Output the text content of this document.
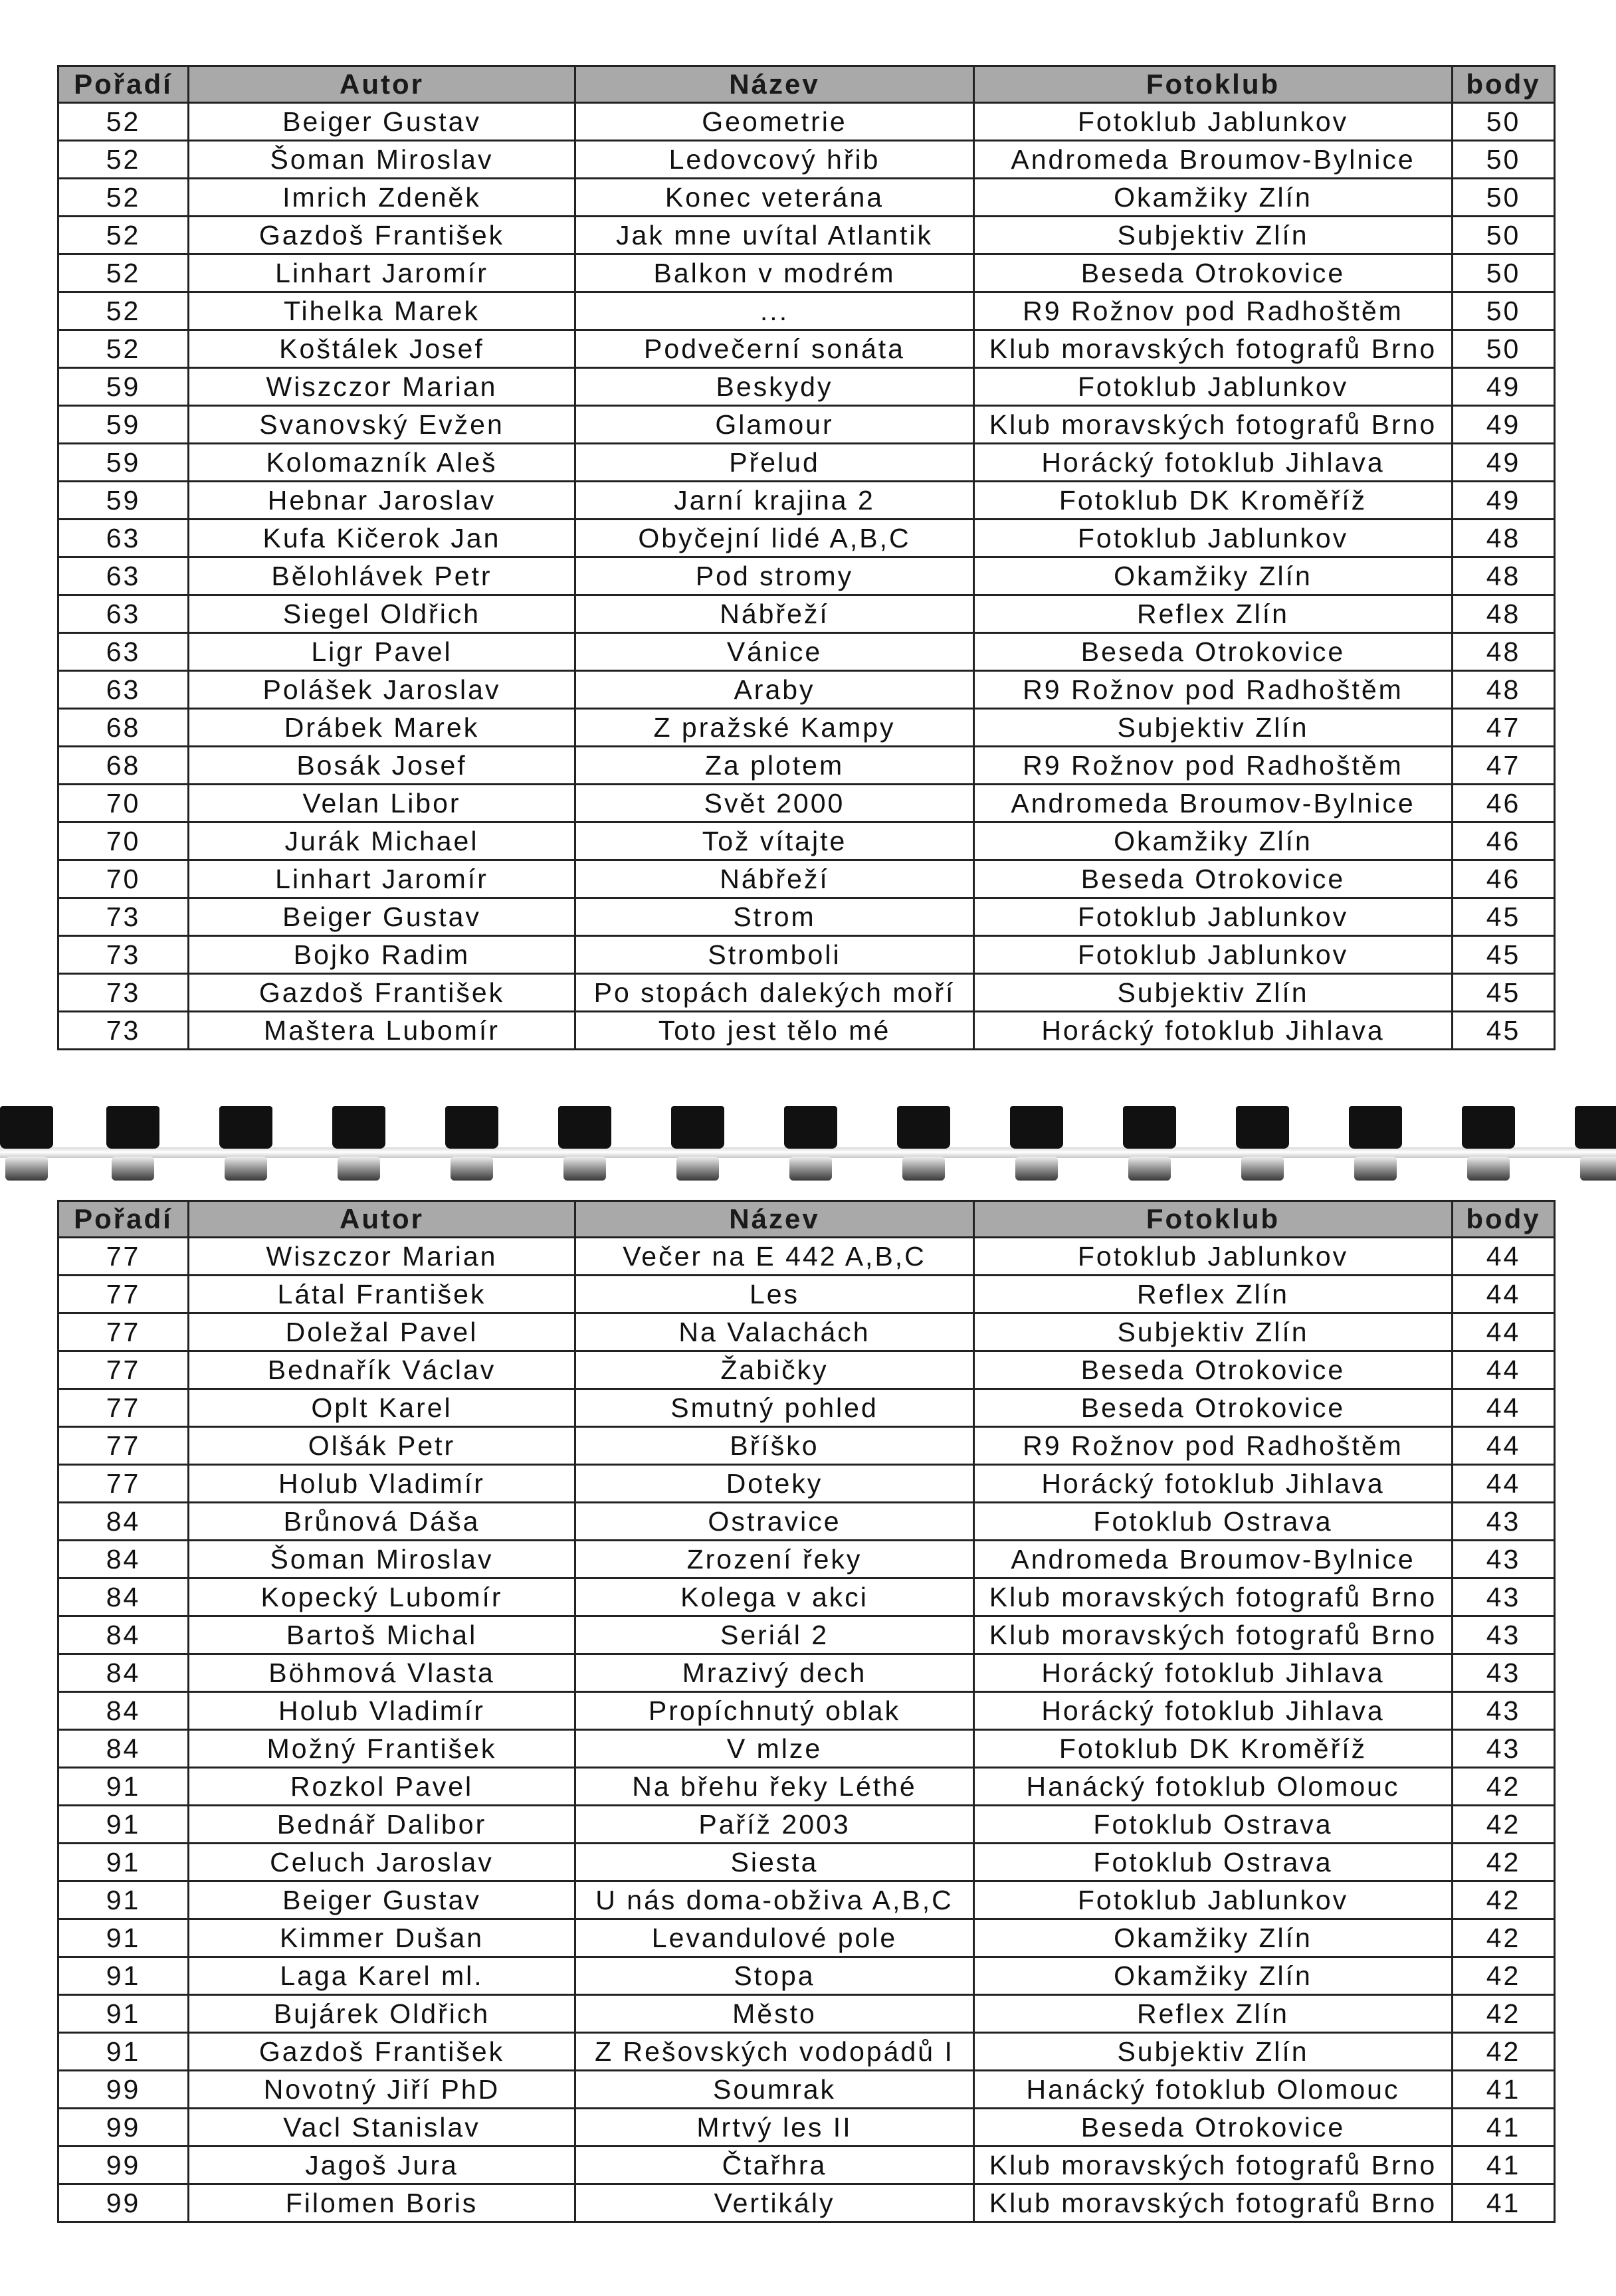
Pořadí	Autor	Název	Fotoklub	body
52	Beiger Gustav	Geometrie	Fotoklub Jablunkov	50
52	Šoman Miroslav	Ledovcový hřib	Andromeda Broumov-Bylnice	50
52	Imrich Zdeněk	Konec veterána	Okamžiky Zlín	50
52	Gazdoš František	Jak mne uvítal Atlantik	Subjektiv Zlín	50
52	Linhart Jaromír	Balkon v modrém	Beseda Otrokovice	50
52	Tihelka Marek	...	R9 Rožnov pod Radhoštěm	50
52	Koštálek Josef	Podvečerní sonáta	Klub moravských fotografů Brno	50
59	Wiszczor Marian	Beskydy	Fotoklub Jablunkov	49
59	Svanovský Evžen	Glamour	Klub moravských fotografů Brno	49
59	Kolomazník Aleš	Přelud	Horácký fotoklub Jihlava	49
59	Hebnar Jaroslav	Jarní krajina 2	Fotoklub DK Kroměříž	49
63	Kufa Kičerok Jan	Obyčejní lidé A,B,C	Fotoklub Jablunkov	48
63	Bělohlávek Petr	Pod stromy	Okamžiky Zlín	48
63	Siegel Oldřich	Nábřeží	Reflex Zlín	48
63	Ligr Pavel	Vánice	Beseda Otrokovice	48
63	Polášek Jaroslav	Araby	R9 Rožnov pod Radhoštěm	48
68	Drábek Marek	Z pražské Kampy	Subjektiv Zlín	47
68	Bosák Josef	Za plotem	R9 Rožnov pod Radhoštěm	47
70	Velan Libor	Svět 2000	Andromeda Broumov-Bylnice	46
70	Jurák Michael	Tož vítajte	Okamžiky Zlín	46
70	Linhart Jaromír	Nábřeží	Beseda Otrokovice	46
73	Beiger Gustav	Strom	Fotoklub Jablunkov	45
73	Bojko Radim	Stromboli	Fotoklub Jablunkov	45
73	Gazdoš František	Po stopách dalekých moří	Subjektiv Zlín	45
73	Maštera Lubomír	Toto jest tělo mé	Horácký fotoklub Jihlava	45
Pořadí	Autor	Název	Fotoklub	body
77	Wiszczor Marian	Večer na E 442 A,B,C	Fotoklub Jablunkov	44
77	Látal František	Les	Reflex Zlín	44
77	Doležal Pavel	Na Valachách	Subjektiv Zlín	44
77	Bednařík Václav	Žabičky	Beseda Otrokovice	44
77	Oplt Karel	Smutný pohled	Beseda Otrokovice	44
77	Olšák Petr	Bříško	R9 Rožnov pod Radhoštěm	44
77	Holub Vladimír	Doteky	Horácký fotoklub Jihlava	44
84	Brůnová Dáša	Ostravice	Fotoklub Ostrava	43
84	Šoman Miroslav	Zrození řeky	Andromeda Broumov-Bylnice	43
84	Kopecký Lubomír	Kolega v akci	Klub moravských fotografů Brno	43
84	Bartoš Michal	Seriál 2	Klub moravských fotografů Brno	43
84	Böhmová Vlasta	Mrazivý dech	Horácký fotoklub Jihlava	43
84	Holub Vladimír	Propíchnutý oblak	Horácký fotoklub Jihlava	43
84	Možný František	V mlze	Fotoklub DK Kroměříž	43
91	Rozkol Pavel	Na břehu řeky Léthé	Hanácký fotoklub Olomouc	42
91	Bednář Dalibor	Paříž 2003	Fotoklub Ostrava	42
91	Celuch Jaroslav	Siesta	Fotoklub Ostrava	42
91	Beiger Gustav	U nás doma-obživa A,B,C	Fotoklub Jablunkov	42
91	Kimmer Dušan	Levandulové pole	Okamžiky Zlín	42
91	Laga Karel ml.	Stopa	Okamžiky Zlín	42
91	Bujárek Oldřich	Město	Reflex Zlín	42
91	Gazdoš František	Z Rešovských vodopádů I	Subjektiv Zlín	42
99	Novotný Jiří PhD	Soumrak	Hanácký fotoklub Olomouc	41
99	Vacl Stanislav	Mrtvý les II	Beseda Otrokovice	41
99	Jagoš Jura	Čtařhra	Klub moravských fotografů Brno	41
99	Filomen Boris	Vertikály	Klub moravských fotografů Brno	41
